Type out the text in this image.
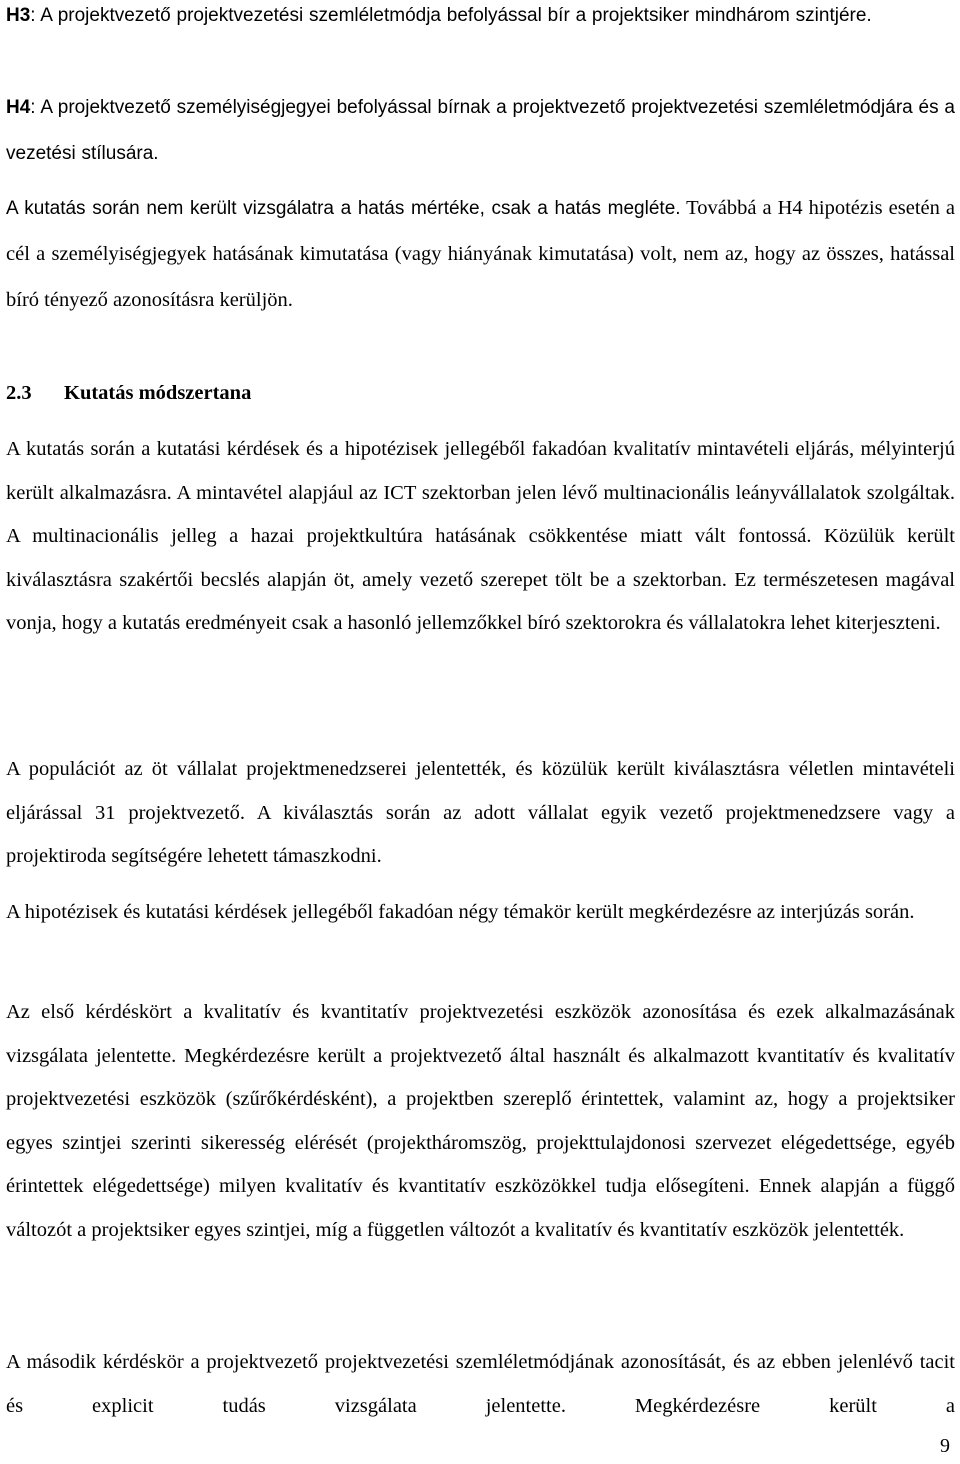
H3: A projektvezető projektvezetési szemléletmódja befolyással bír a projektsiker mindhárom szintjére.

H4: A projektvezető személyiségjegyei befolyással bírnak a projektvezető projektvezetési szemléletmódjára és a vezetési stílusára.

A kutatás során nem került vizsgálatra a hatás mértéke, csak a hatás megléte. Továbbá a H4 hipotézis esetén a cél a személyiségjegyek hatásának kimutatása (vagy hiányának kimutatása) volt, nem az, hogy az összes, hatással bíró tényező azonosításra kerüljön.

2.3 Kutatás módszertana

A kutatás során a kutatási kérdések és a hipotézisek jellegéből fakadóan kvalitatív mintavételi eljárás, mélyinterjú került alkalmazásra. A mintavétel alapjául az ICT szektorban jelen lévő multinacionális leányvállalatok szolgáltak. A multinacionális jelleg a hazai projektkultúra hatásának csökkentése miatt vált fontossá. Közülük került kiválasztásra szakértői becslés alapján öt, amely vezető szerepet tölt be a szektorban. Ez természetesen magával vonja, hogy a kutatás eredményeit csak a hasonló jellemzőkkel bíró szektorokra és vállalatokra lehet kiterjeszteni.

A populációt az öt vállalat projektmenedzserei jelentették, és közülük került kiválasztásra véletlen mintavételi eljárással 31 projektvezető. A kiválasztás során az adott vállalat egyik vezető projektmenedzsere vagy a projektiroda segítségére lehetett támaszkodni.

A hipotézisek és kutatási kérdések jellegéből fakadóan négy témakör került megkérdezésre az interjúzás során.

Az első kérdéskört a kvalitatív és kvantitatív projektvezetési eszközök azonosítása és ezek alkalmazásának vizsgálata jelentette. Megkérdezésre került a projektvezető által használt és alkalmazott kvantitatív és kvalitatív projektvezetési eszközök (szűrőkérdésként), a projektben szereplő érintettek, valamint az, hogy a projektsiker egyes szintjei szerinti sikeresség elérését (projektháromszög, projekttulajdonosi szervezet elégedettsége, egyéb érintettek elégedettsége) milyen kvalitatív és kvantitatív eszközökkel tudja elősegíteni. Ennek alapján a függő változót a projektsiker egyes szintjei, míg a független változót a kvalitatív és kvantitatív eszközök jelentették.

A második kérdéskör a projektvezető projektvezetési szemléletmódjának azonosítását, és az ebben jelenlévő tacit és explicit tudás vizsgálata jelentette. Megkérdezésre került a

9
